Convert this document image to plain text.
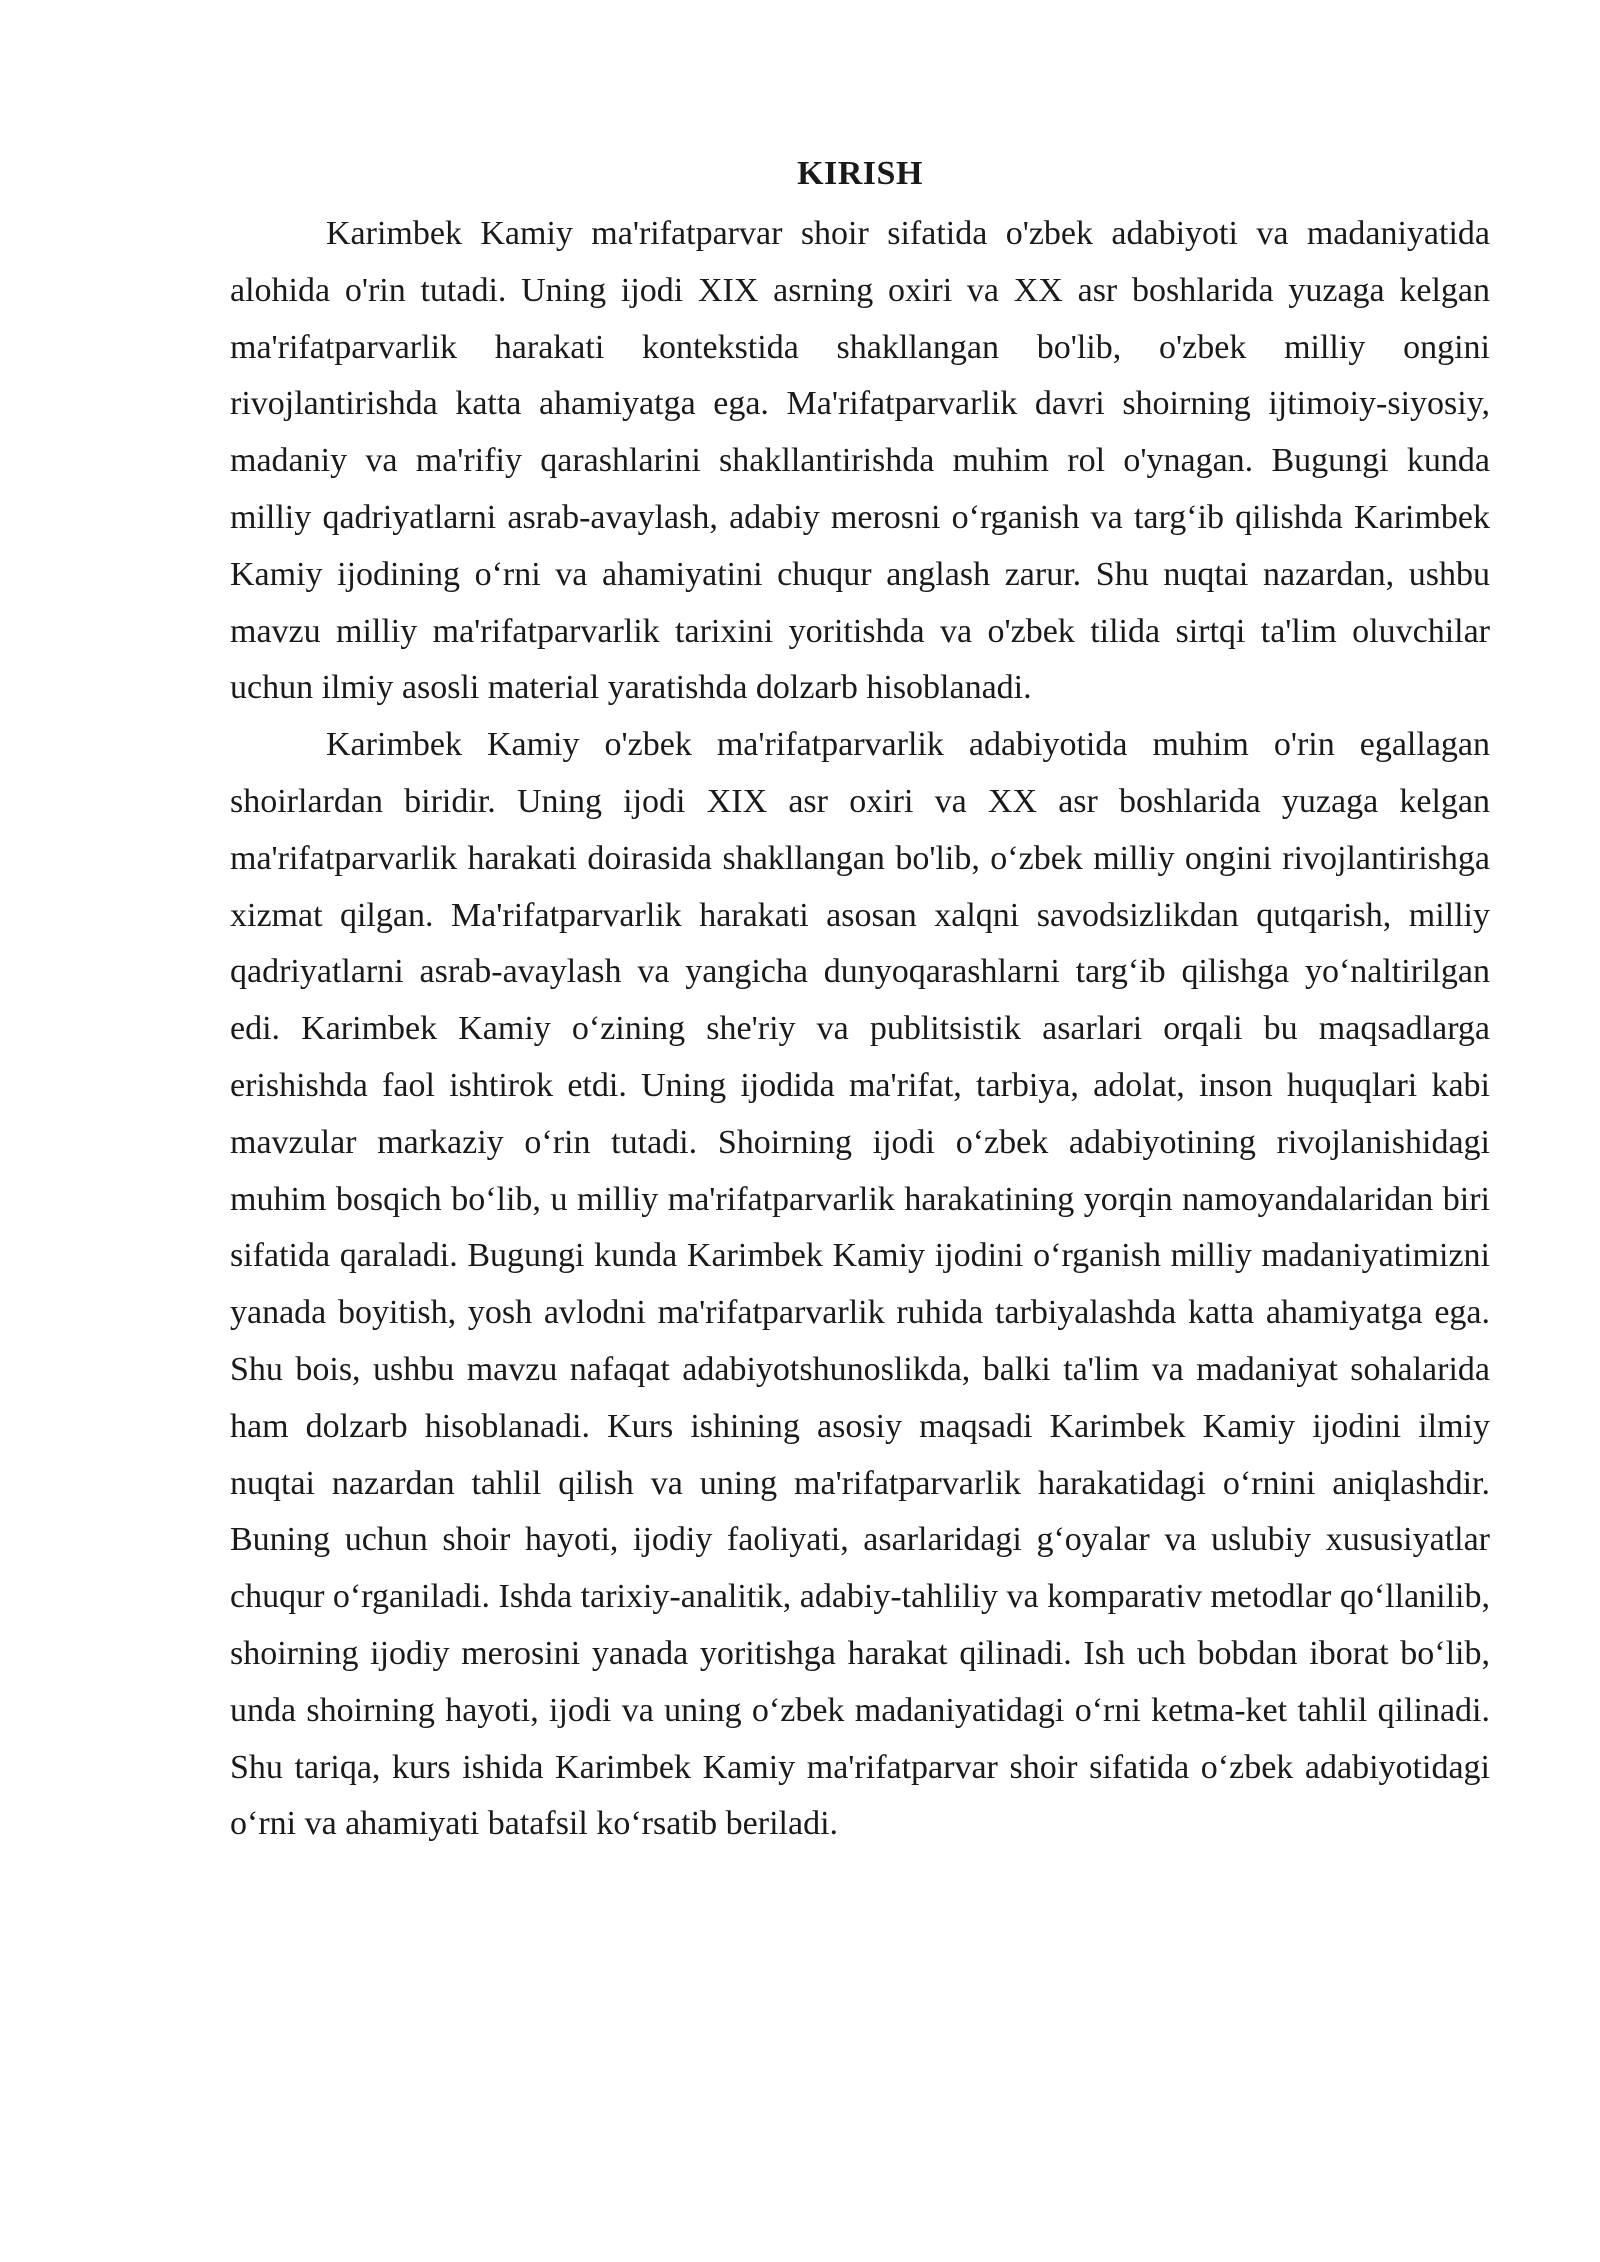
KIRISH

Karimbek Kamiy ma'rifatparvar shoir sifatida o'zbek adabiyoti va madaniyatida alohida o'rin tutadi. Uning ijodi XIX asrning oxiri va XX asr boshlarida yuzaga kelgan ma'rifatparvarlik harakati kontekstida shakllangan bo'lib, o'zbek milliy ongini rivojlantirishda katta ahamiyatga ega. Ma'rifatparvarlik davri shoirning ijtimoiy-siyosiy, madaniy va ma'rifiy qarashlarini shakllantirishda muhim rol o'ynagan. Bugungi kunda milliy qadriyatlarni asrab-avaylash, adabiy merosni o‘rganish va targ‘ib qilishda Karimbek Kamiy ijodining o‘rni va ahamiyatini chuqur anglash zarur. Shu nuqtai nazardan, ushbu mavzu milliy ma'rifatparvarlik tarixini yoritishda va o'zbek tilida sirtqi ta'lim oluvchilar uchun ilmiy asosli material yaratishda dolzarb hisoblanadi.

Karimbek Kamiy o'zbek ma'rifatparvarlik adabiyotida muhim o'rin egallagan shoirlardan biridir. Uning ijodi XIX asr oxiri va XX asr boshlarida yuzaga kelgan ma'rifatparvarlik harakati doirasida shakllangan bo'lib, o‘zbek milliy ongini rivojlantirishga xizmat qilgan. Ma'rifatparvarlik harakati asosan xalqni savodsizlikdan qutqarish, milliy qadriyatlarni asrab-avaylash va yangicha dunyoqarashlarni targ‘ib qilishga yo‘naltirilgan edi. Karimbek Kamiy o‘zining she'riy va publitsistik asarlari orqali bu maqsadlarga erishishda faol ishtirok etdi. Uning ijodida ma'rifat, tarbiya, adolat, inson huquqlari kabi mavzular markaziy o‘rin tutadi. Shoirning ijodi o‘zbek adabiyotining rivojlanishidagi muhim bosqich bo‘lib, u milliy ma'rifatparvarlik harakatining yorqin namoyandalaridan biri sifatida qaraladi. Bugungi kunda Karimbek Kamiy ijodini o‘rganish milliy madaniyatimizni yanada boyitish, yosh avlodni ma'rifatparvarlik ruhida tarbiyalashda katta ahamiyatga ega. Shu bois, ushbu mavzu nafaqat adabiyotshunoslikda, balki ta'lim va madaniyat sohalarida ham dolzarb hisoblanadi. Kurs ishining asosiy maqsadi Karimbek Kamiy ijodini ilmiy nuqtai nazardan tahlil qilish va uning ma'rifatparvarlik harakatidagi o‘rnini aniqlashdir. Buning uchun shoir hayoti, ijodiy faoliyati, asarlaridagi g‘oyalar va uslubiy xususiyatlar chuqur o‘rganiladi. Ishda tarixiy-analitik, adabiy-tahliliy va komparativ metodlar qo‘llanilib, shoirning ijodiy merosini yanada yoritishga harakat qilinadi. Ish uch bobdan iborat bo‘lib, unda shoirning hayoti, ijodi va uning o‘zbek madaniyatidagi o‘rni ketma-ket tahlil qilinadi. Shu tariqa, kurs ishida Karimbek Kamiy ma'rifatparvar shoir sifatida o‘zbek adabiyotidagi o‘rni va ahamiyati batafsil ko‘rsatib beriladi.
